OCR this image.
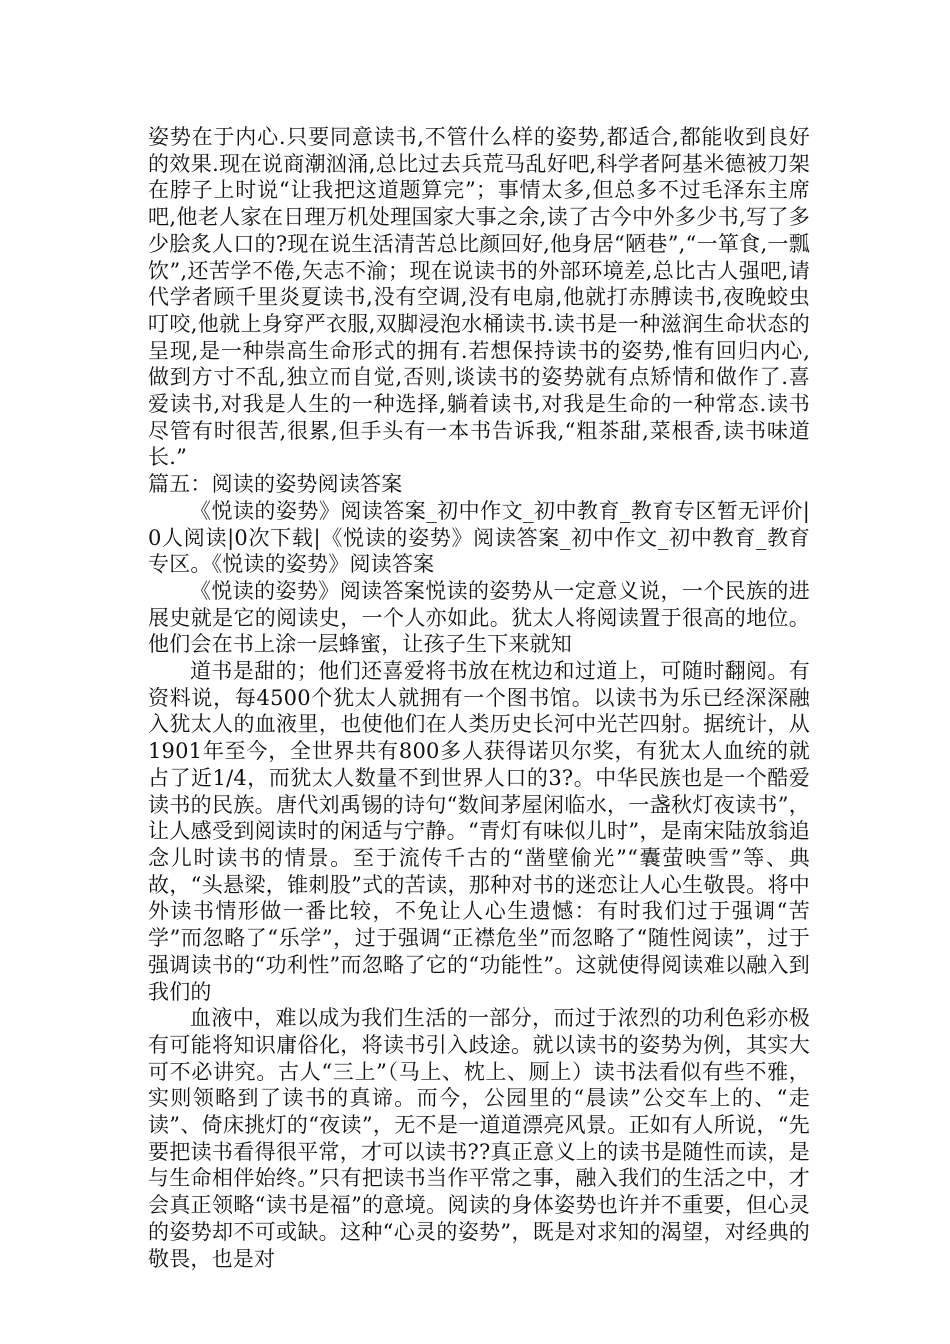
姿势在于内心.只要同意读书,不管什么样的姿势,都适合,都能收到良好的效果.现在说商潮汹涌,总比过去兵荒马乱好吧,科学者阿基米德被刀架在脖子上时说“让我把这道题算完”；事情太多,但总多不过毛泽东主席吧,他老人家在日理万机处理国家大事之余,读了古今中外多少书,写了多少脍炙人口的?现在说生活清苦总比颜回好,他身居“陋巷”,“一箪食,一瓢饮”,还苦学不倦,矢志不渝；现在说读书的外部环境差,总比古人强吧,请代学者顾千里炎夏读书,没有空调,没有电扇,他就打赤膊读书,夜晚蛟虫叮咬,他就上身穿严衣服,双脚浸泡水桶读书.读书是一种滋润生命状态的呈现,是一种崇高生命形式的拥有.若想保持读书的姿势,惟有回归内心,做到方寸不乱,独立而自觉,否则,谈读书的姿势就有点矫情和做作了.喜爱读书,对我是人生的一种选择,躺着读书,对我是生命的一种常态.读书尽管有时很苦,很累,但手头有一本书告诉我,“粗茶甜,菜根香,读书味道长.”

篇五：阅读的姿势阅读答案

《悦读的姿势》阅读答案_初中作文_初中教育_教育专区暂无评价|0人阅读|0次下载|《悦读的姿势》阅读答案_初中作文_初中教育_教育专区。《悦读的姿势》阅读答案

《悦读的姿势》阅读答案悦读的姿势从一定意义说，一个民族的进展史就是它的阅读史，一个人亦如此。犹太人将阅读置于很高的地位。他们会在书上涂一层蜂蜜，让孩子生下来就知

道书是甜的；他们还喜爱将书放在枕边和过道上，可随时翻阅。有资料说，每4500个犹太人就拥有一个图书馆。以读书为乐已经深深融入犹太人的血液里，也使他们在人类历史长河中光芒四射。据统计，从1901年至今，全世界共有800多人获得诺贝尔奖，有犹太人血统的就占了近1/4，而犹太人数量不到世界人口的3?。中华民族也是一个酷爱读书的民族。唐代刘禹锡的诗句“数间茅屋闲临水，一盏秋灯夜读书”，让人感受到阅读时的闲适与宁静。“青灯有味似儿时”，是南宋陆放翁追念儿时读书的情景。至于流传千古的“凿壁偷光”“囊萤映雪”等、典故，“头悬梁，锥刺股”式的苦读，那种对书的迷恋让人心生敬畏。将中外读书情形做一番比较，不免让人心生遗憾：有时我们过于强调“苦学”而忽略了“乐学”，过于强调“正襟危坐”而忽略了“随性阅读”，过于强调读书的“功利性”而忽略了它的“功能性”。这就使得阅读难以融入到我们的

血液中，难以成为我们生活的一部分，而过于浓烈的功利色彩亦极有可能将知识庸俗化，将读书引入歧途。就以读书的姿势为例，其实大可不必讲究。古人“三上”（马上、枕上、厕上）读书法看似有些不雅，实则领略到了读书的真谛。而今，公园里的“晨读”公交车上的、“走读”、倚床挑灯的“夜读”，无不是一道道漂亮风景。正如有人所说，“先要把读书看得很平常，才可以读书??真正意义上的读书是随性而读，是与生命相伴始终。”只有把读书当作平常之事，融入我们的生活之中，才会真正领略“读书是福”的意境。阅读的身体姿势也许并不重要，但心灵的姿势却不可或缺。这种“心灵的姿势”，既是对求知的渴望，对经典的敬畏，也是对
